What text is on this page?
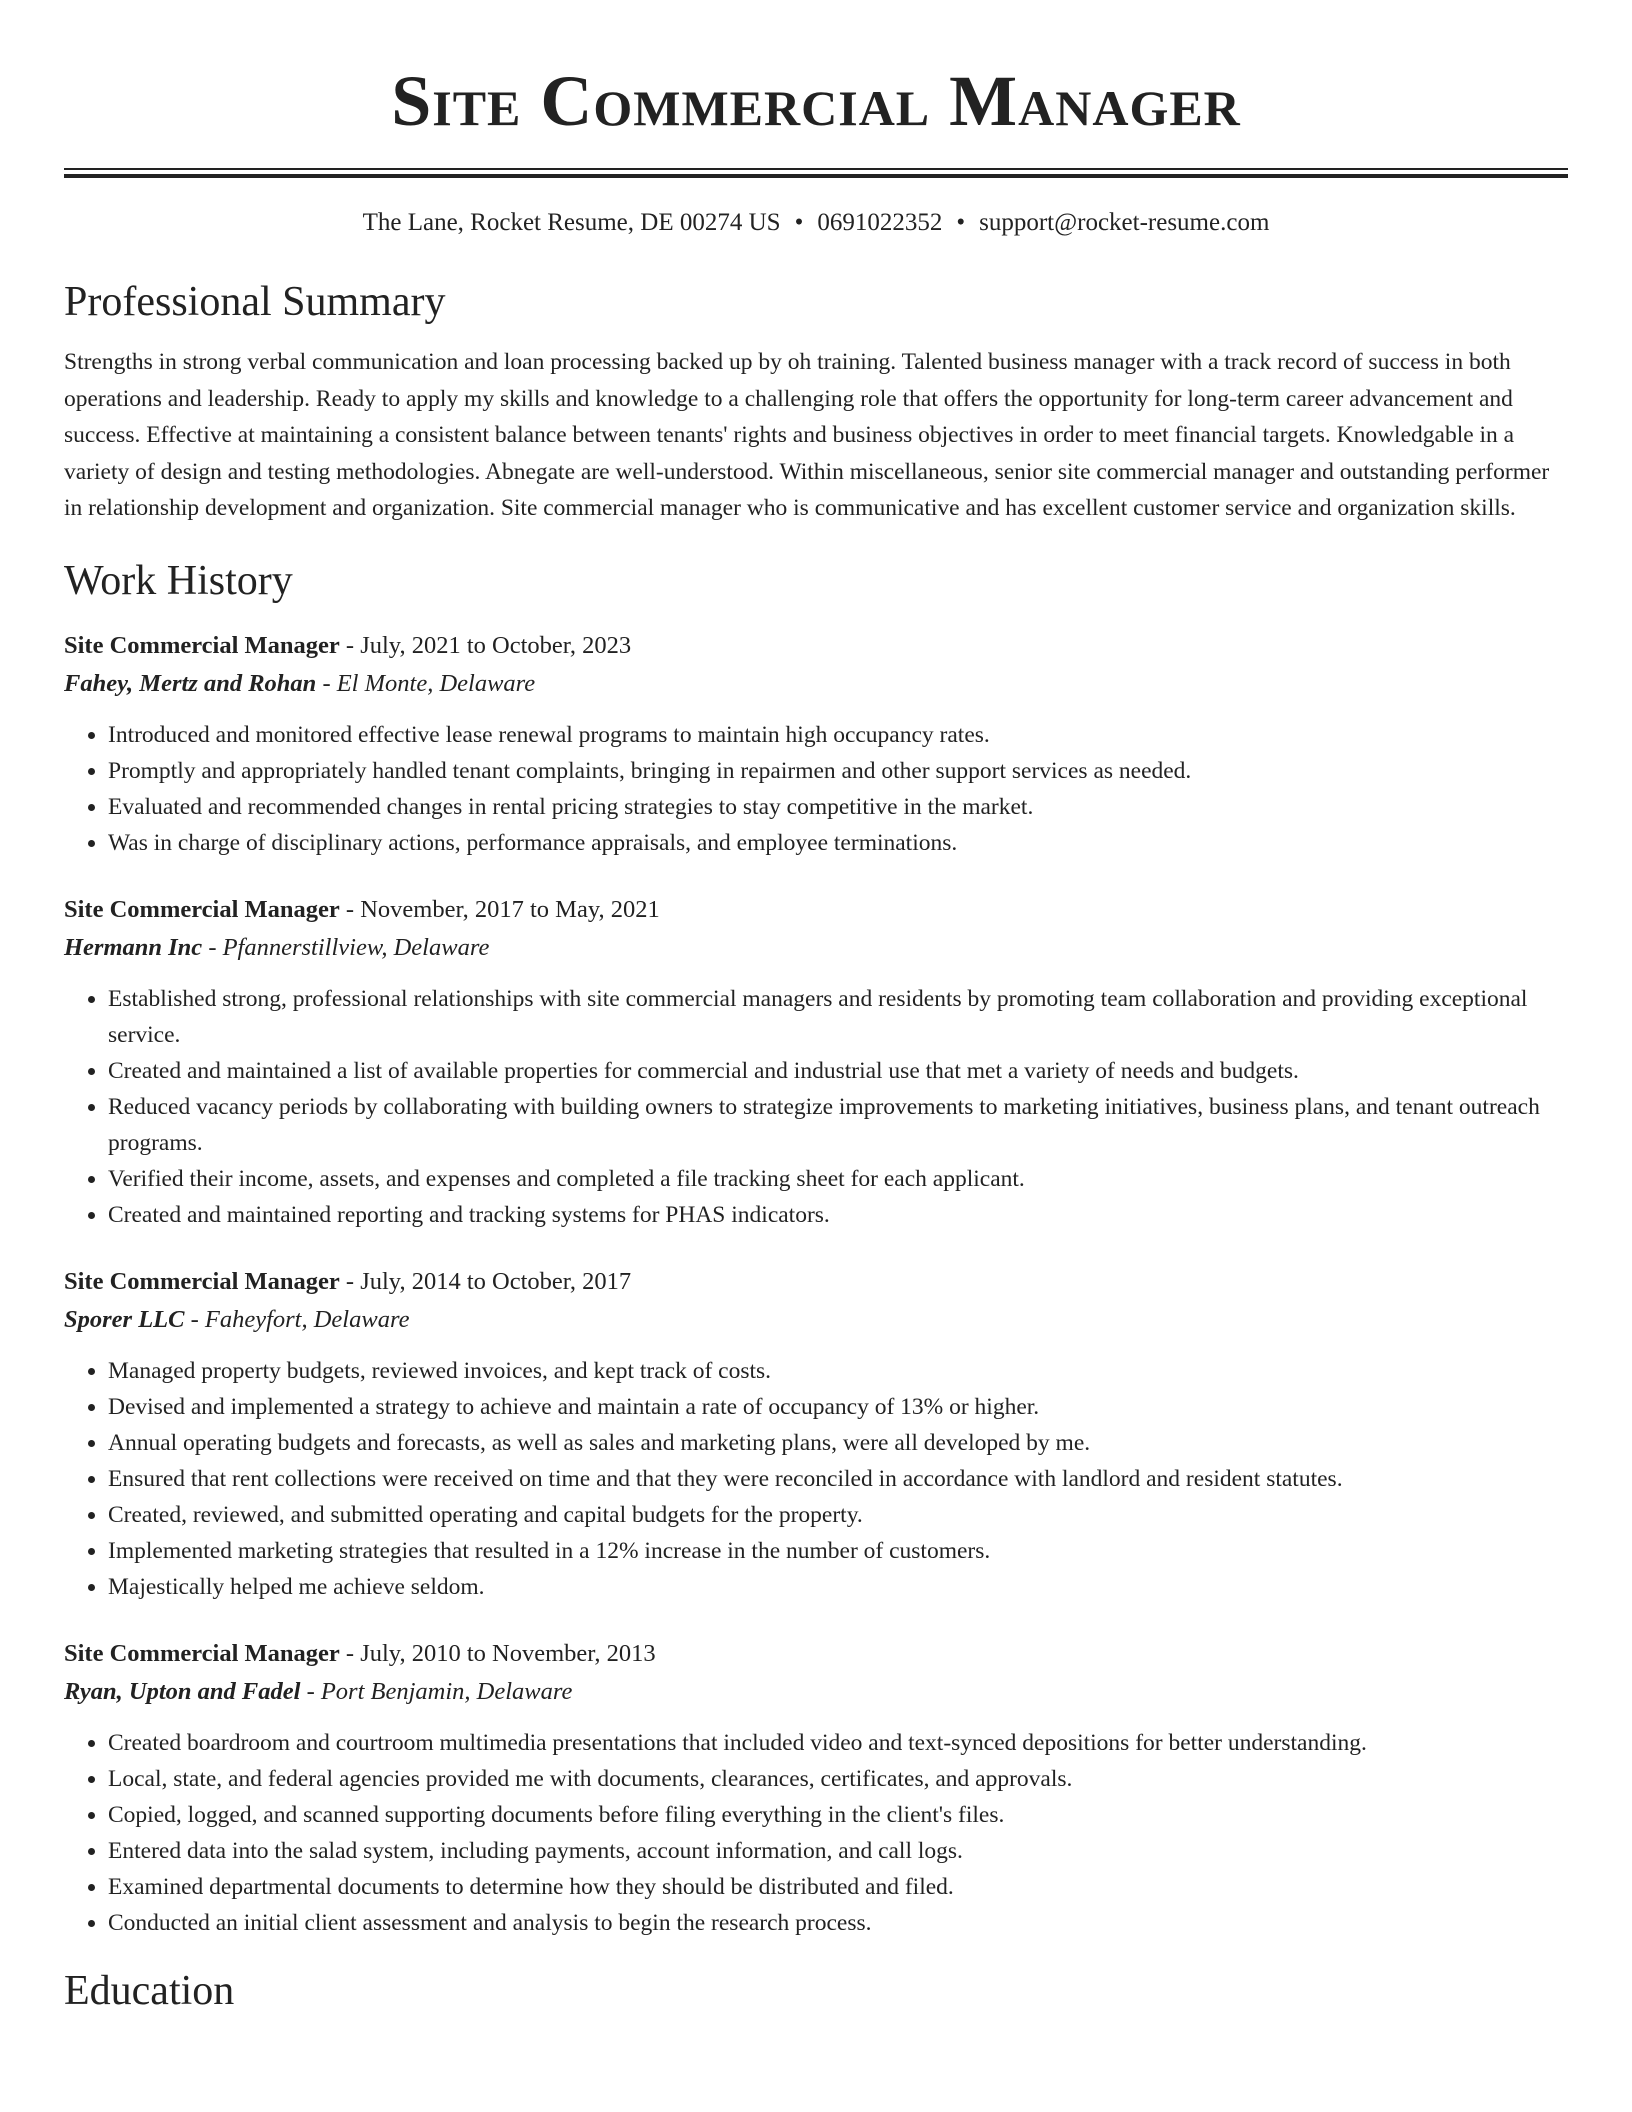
Site Commercial Manager
The Lane, Rocket Resume, DE 00274 US • 0691022352 • support@rocket-resume.com
Professional Summary

Strengths in strong verbal communication and loan processing backed up by oh training. Talented business manager with a track record of success in both operations and leadership. Ready to apply my skills and knowledge to a challenging role that offers the opportunity for long-term career advancement and success. Effective at maintaining a consistent balance between tenants' rights and business objectives in order to meet financial targets. Knowledgable in a variety of design and testing methodologies. Abnegate are well-understood. Within miscellaneous, senior site commercial manager and outstanding performer in relationship development and organization. Site commercial manager who is communicative and has excellent customer service and organization skills.

Work History
Site Commercial Manager - July, 2021 to October, 2023
Fahey, Mertz and Rohan - El Monte, Delaware
• Introduced and monitored effective lease renewal programs to maintain high occupancy rates.
• Promptly and appropriately handled tenant complaints, bringing in repairmen and other support services as needed.
• Evaluated and recommended changes in rental pricing strategies to stay competitive in the market.
• Was in charge of disciplinary actions, performance appraisals, and employee terminations.
Site Commercial Manager - November, 2017 to May, 2021
Hermann Inc - Pfannerstillview, Delaware
• Established strong, professional relationships with site commercial managers and residents by promoting team collaboration and providing exceptional service.
• Created and maintained a list of available properties for commercial and industrial use that met a variety of needs and budgets.
• Reduced vacancy periods by collaborating with building owners to strategize improvements to marketing initiatives, business plans, and tenant outreach programs.
• Verified their income, assets, and expenses and completed a file tracking sheet for each applicant.
• Created and maintained reporting and tracking systems for PHAS indicators.
Site Commercial Manager - July, 2014 to October, 2017
Sporer LLC - Faheyfort, Delaware
• Managed property budgets, reviewed invoices, and kept track of costs.
• Devised and implemented a strategy to achieve and maintain a rate of occupancy of 13% or higher.
• Annual operating budgets and forecasts, as well as sales and marketing plans, were all developed by me.
• Ensured that rent collections were received on time and that they were reconciled in accordance with landlord and resident statutes.
• Created, reviewed, and submitted operating and capital budgets for the property.
• Implemented marketing strategies that resulted in a 12% increase in the number of customers.
• Majestically helped me achieve seldom.
Site Commercial Manager - July, 2010 to November, 2013
Ryan, Upton and Fadel - Port Benjamin, Delaware
• Created boardroom and courtroom multimedia presentations that included video and text-synced depositions for better understanding.
• Local, state, and federal agencies provided me with documents, clearances, certificates, and approvals.
• Copied, logged, and scanned supporting documents before filing everything in the client's files.
• Entered data into the salad system, including payments, account information, and call logs.
• Examined departmental documents to determine how they should be distributed and filed.
• Conducted an initial client assessment and analysis to begin the research process.
Education
